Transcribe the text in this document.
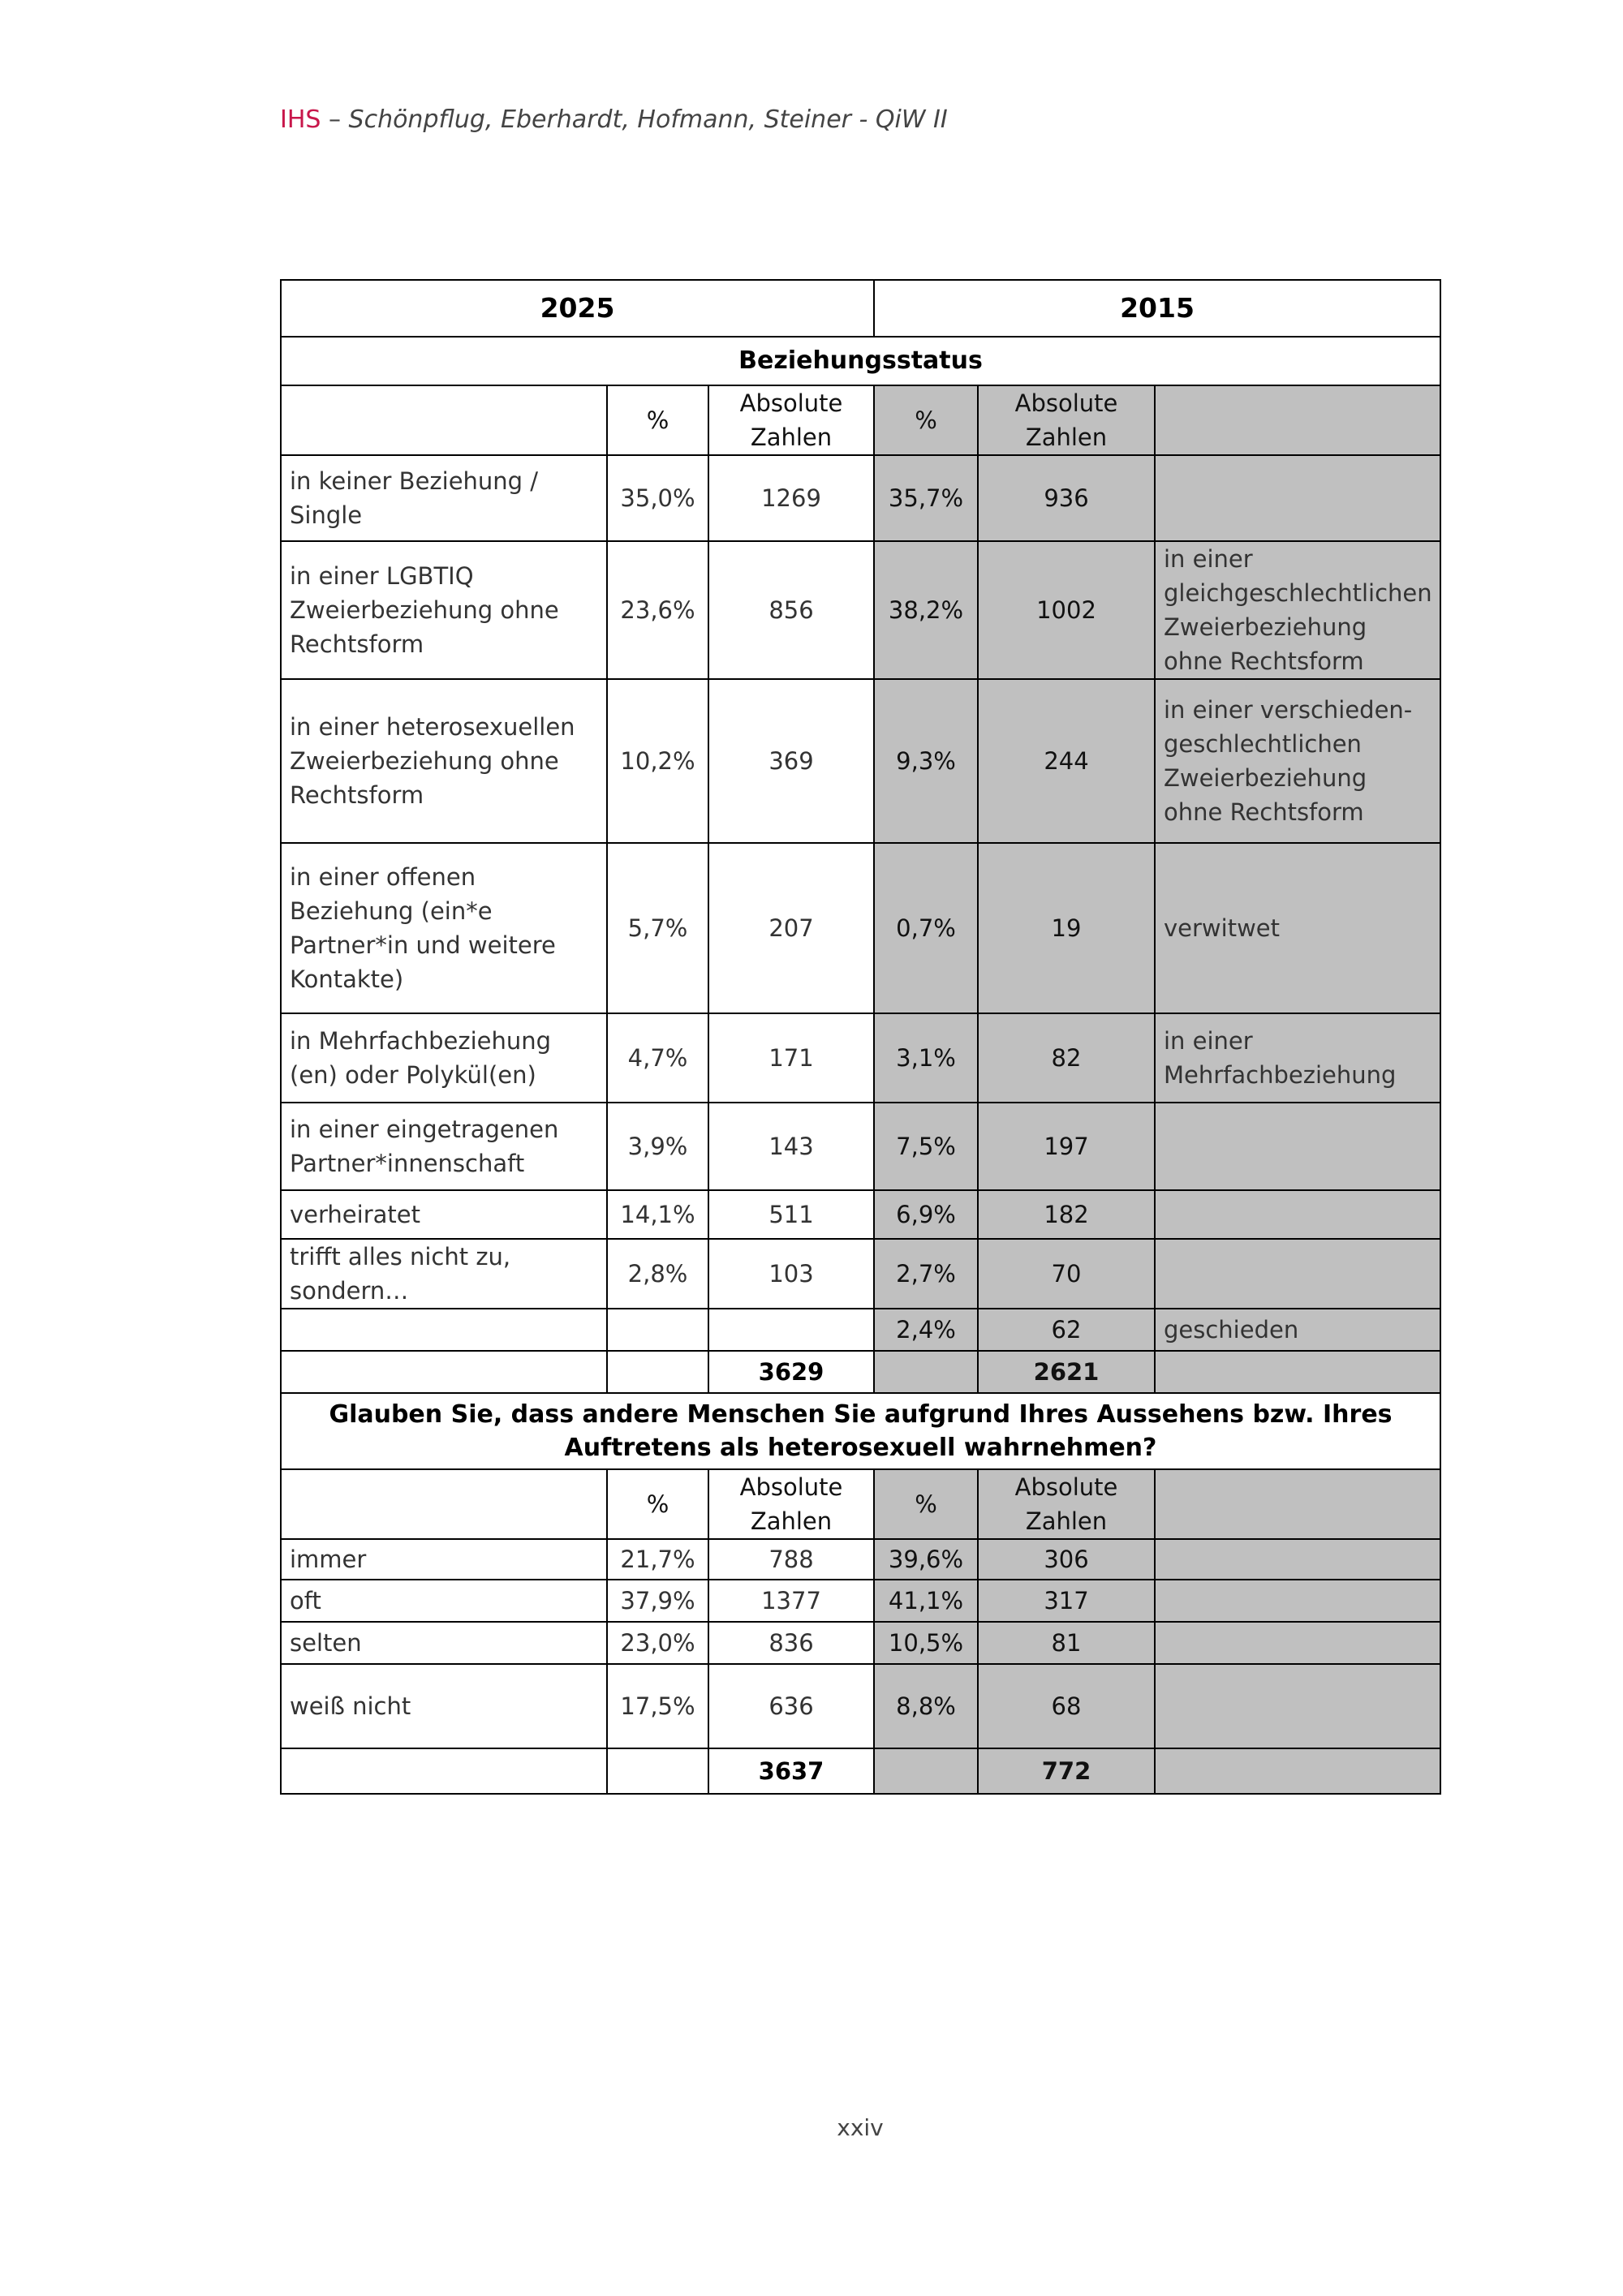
IHS – Schönpflug, Eberhardt, Hofmann, Steiner - QiW II
2025			2015		
Beziehungsstatus					
	%	Absolute Zahlen	%	Absolute Zahlen	
in keiner Beziehung / Single	35,0%	1269	35,7%	936	
in einer LGBTIQ Zweierbeziehung ohne Rechtsform	23,6%	856	38,2%	1002	in einer gleichgeschlechtlichen Zweierbeziehung ohne Rechtsform
in einer heterosexuellen Zweierbeziehung ohne Rechtsform	10,2%	369	9,3%	244	in einer verschieden-geschlechtlichen Zweierbeziehung ohne Rechtsform
in einer offenen Beziehung (ein*e Partner*in und weitere Kontakte)	5,7%	207	0,7%	19	verwitwet
in Mehrfachbeziehung (en) oder Polykül(en)	4,7%	171	3,1%	82	in einer Mehrfachbeziehung
in einer eingetragenen Partner*innenschaft	3,9%	143	7,5%	197	
verheiratet	14,1%	511	6,9%	182	
trifft alles nicht zu, sondern…	2,8%	103	2,7%	70	
			2,4%	62	geschieden
		3629		2621	
Glauben Sie, dass andere Menschen Sie aufgrund Ihres Aussehens bzw. Ihres Auftretens als heterosexuell wahrnehmen?					
	%	Absolute Zahlen	%	Absolute Zahlen	
immer	21,7%	788	39,6%	306	
oft	37,9%	1377	41,1%	317	
selten	23,0%	836	10,5%	81	
weiß nicht	17,5%	636	8,8%	68	
		3637		772	
xxiv
